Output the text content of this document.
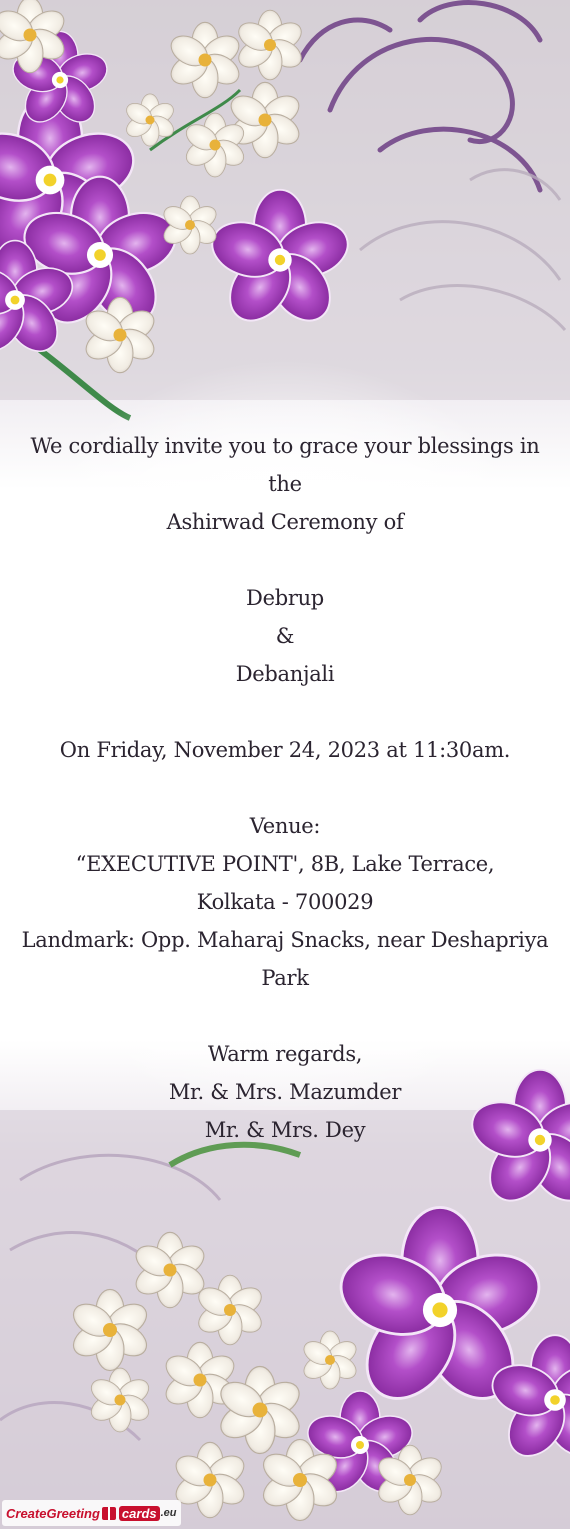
We cordially invite you to grace your blessings in the
Ashirwad Ceremony of
Debrup
&
Debanjali
On Friday, November 24, 2023 at 11:30am.
Venue:
“EXECUTIVE POINT', 8B, Lake Terrace,
Kolkata - 700029
Landmark: Opp. Maharaj Snacks, near Deshapriya
Park
Warm regards,
Mr. & Mrs. Mazumder
Mr. & Mrs. Dey
CreateGreeting cards .eu
